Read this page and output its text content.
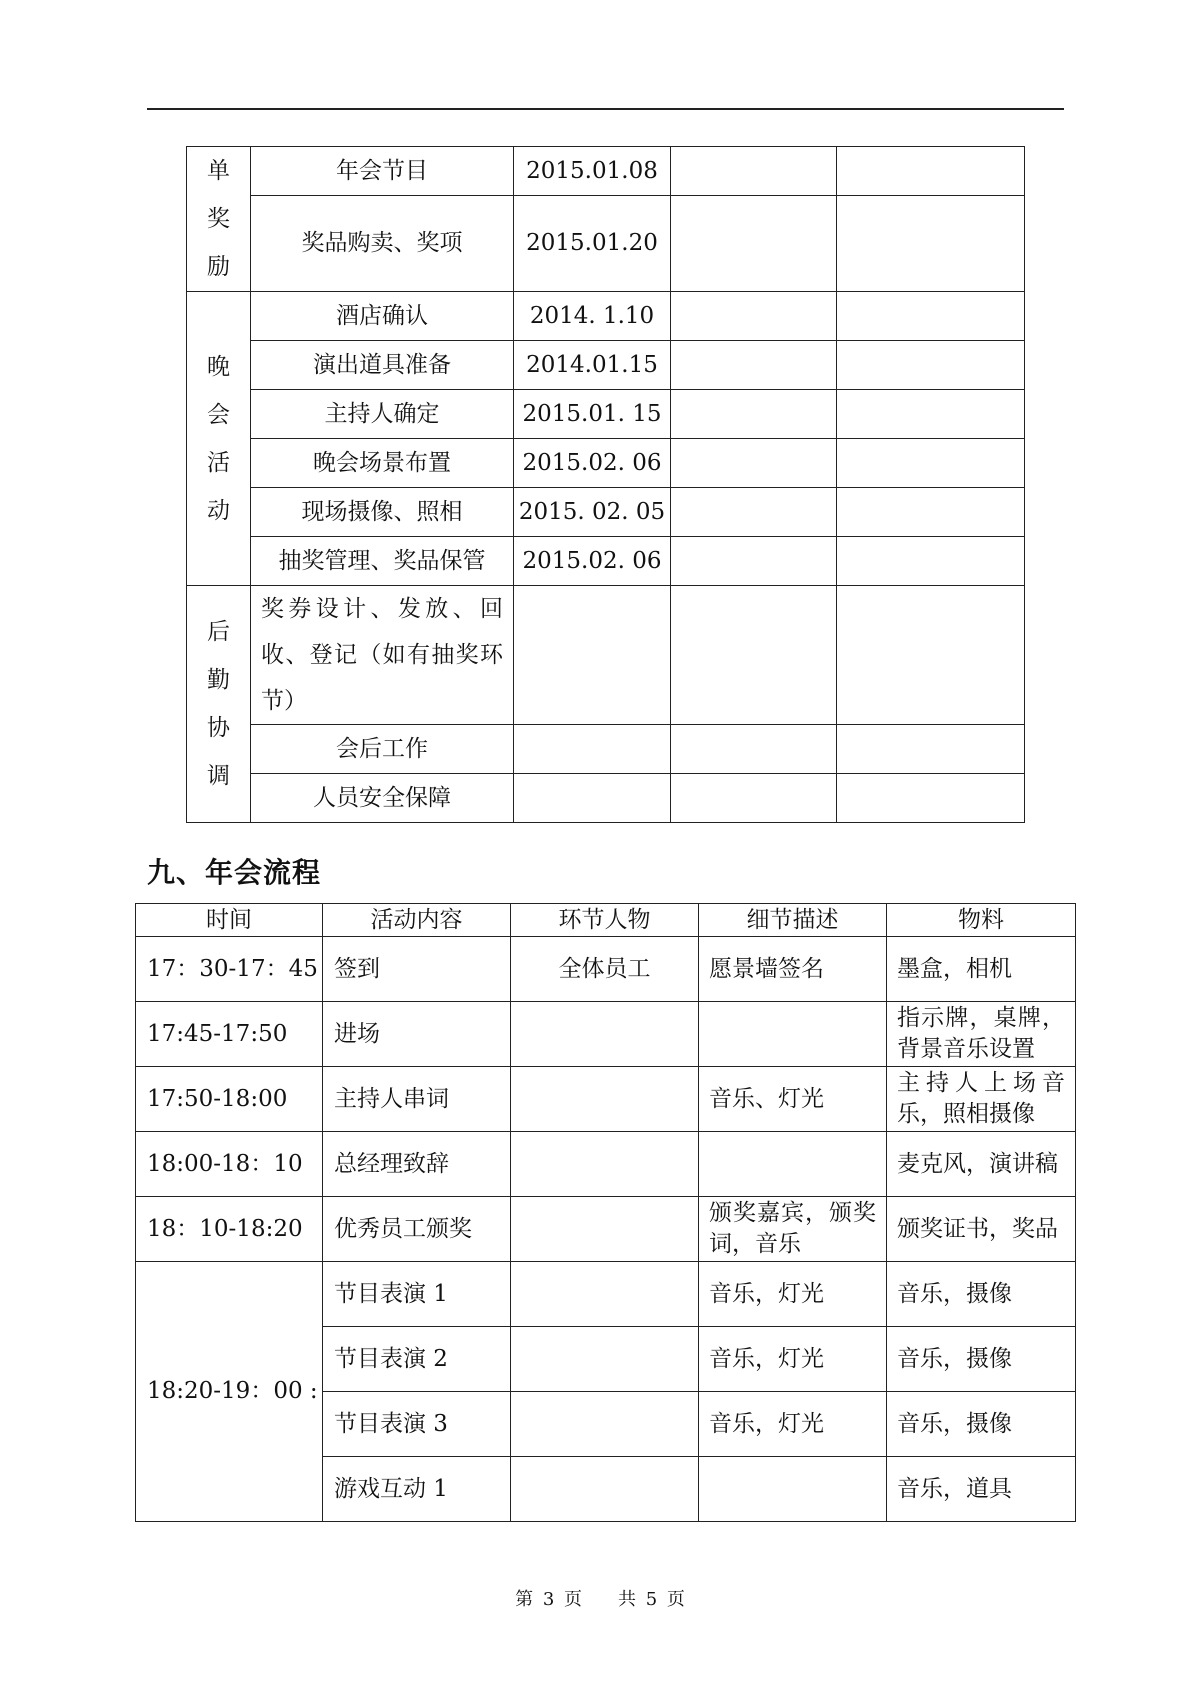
单
奖
励	年会节目	2015.01.08		
	奖品购卖、奖项	2015.01.20		

晚
会
活
动	酒店确认	2014. 1.10		
	演出道具准备	2014.01.15		
	主持人确定	2015.01. 15		
	晚会场景布置	2015.02. 06		
	现场摄像、照相	2015. 02. 05		
	抽奖管理、奖品保管	2015.02. 06		

后
勤
协
调	奖券设计、发放、回收、登记（如有抽奖环节）			
	会后工作			
	人员安全保障			
九、年会流程
时间	活动内容	环节人物	细节描述	物料
17：30-17：45	签到	全体员工	愿景墙签名	墨盒，相机
17:45-17:50	进场			指示牌，桌牌，背景音乐设置
17:50-18:00	主持人串词		音乐、灯光	主持人上场音乐，照相摄像
18:00-18：10	总经理致辞			麦克风，演讲稿
18：10-18:20	优秀员工颁奖		颁奖嘉宾，颁奖词，音乐	颁奖证书，奖品
18:20-19：00 :	节目表演 1		音乐，灯光	音乐，摄像
	节目表演 2		音乐，灯光	音乐，摄像
	节目表演 3		音乐，灯光	音乐，摄像
	游戏互动 1			音乐，道具
第 3 页　　共 5 页
